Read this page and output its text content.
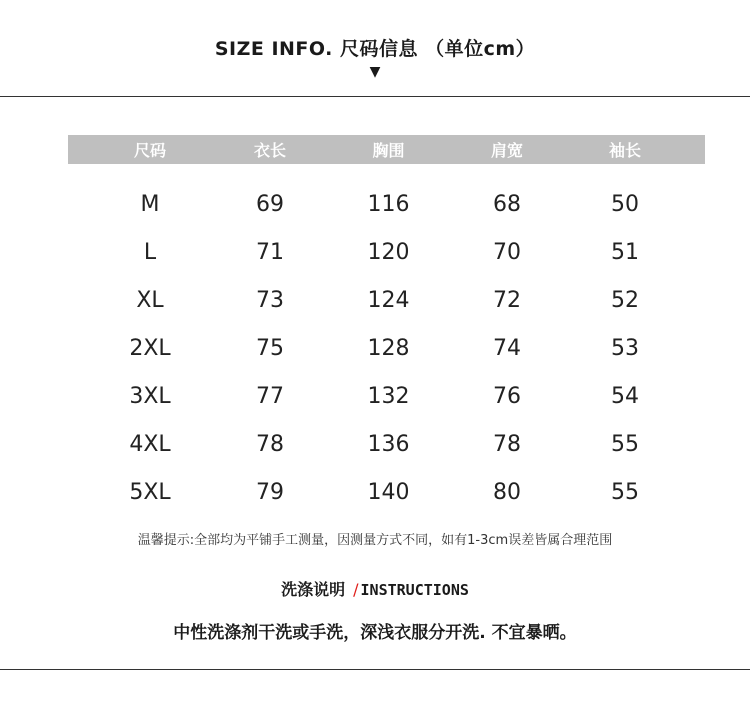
SIZE INFO. 尺码信息 （单位cm）
▼
尺码	衣长	胸围	肩宽	袖长
M	69	116	68	50
L	71	120	70	51
XL	73	124	72	52
2XL	75	128	74	53
3XL	77	132	76	54
4XL	78	136	78	55
5XL	79	140	80	55
温馨提示:全部均为平铺手工测量，因测量方式不同，如有1-3cm误差皆属合理范围
洗涤说明 / INSTRUCTIONS
中性洗涤剂干洗或手洗，深浅衣服分开洗. 不宜暴晒。
